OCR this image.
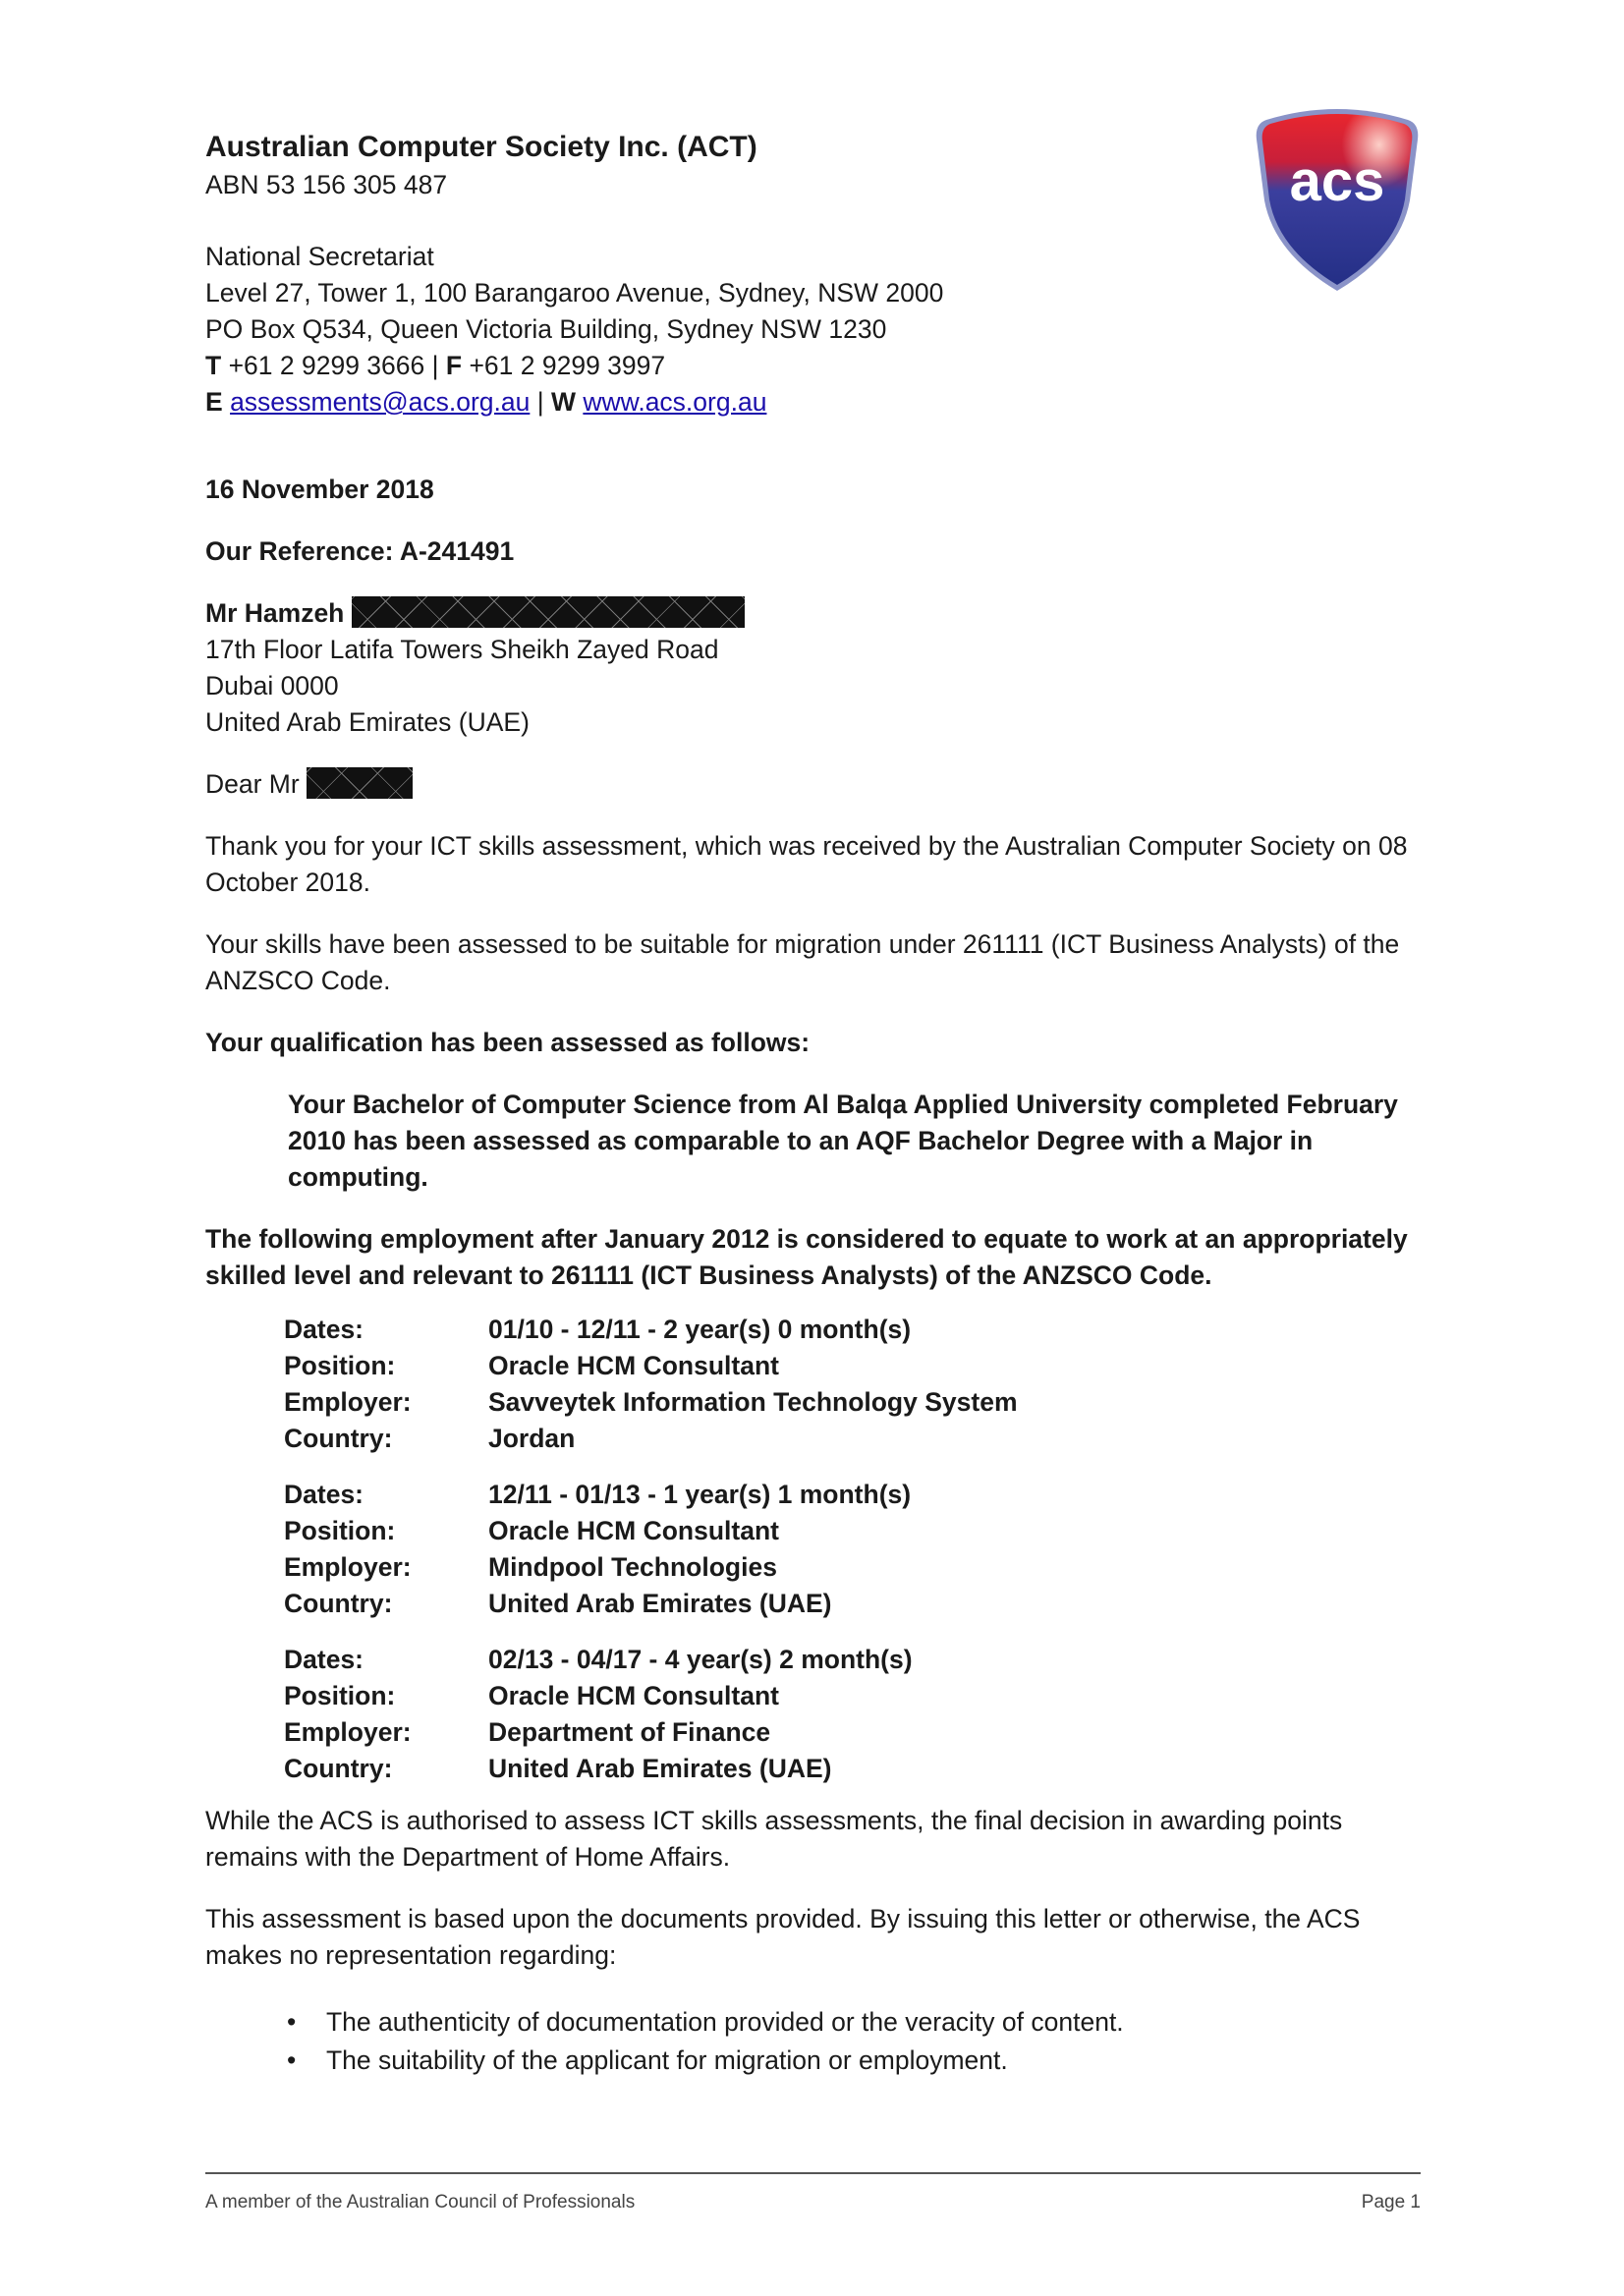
acs
Australian Computer Society Inc. (ACT)
ABN 53 156 305 487
National Secretariat
Level 27, Tower 1, 100 Barangaroo Avenue, Sydney, NSW 2000
PO Box Q534, Queen Victoria Building, Sydney NSW 1230
T +61 2 9299 3666 | F +61 2 9299 3997
E assessments@acs.org.au | W www.acs.org.au
16 November 2018
Our Reference: A-241491
Mr Hamzeh
17th Floor Latifa Towers Sheikh Zayed Road
Dubai 0000
United Arab Emirates (UAE)
Dear Mr

Thank you for your ICT skills assessment, which was received by the Australian Computer Society on 08 October 2018.

Your skills have been assessed to be suitable for migration under 261111 (ICT Business Analysts) of the ANZSCO Code.

Your qualification has been assessed as follows:
Your Bachelor of Computer Science from Al Balqa Applied University completed February 2010 has been assessed as comparable to an AQF Bachelor Degree with a Major in computing.
The following employment after January 2012 is considered to equate to work at an appropriately skilled level and relevant to 261111 (ICT Business Analysts) of the ANZSCO Code.
Dates:	01/10 - 12/11 - 2 year(s) 0 month(s)
Position:	Oracle HCM Consultant
Employer:	Savveytek Information Technology System
Country:	Jordan
Dates:	12/11 - 01/13 - 1 year(s) 1 month(s)
Position:	Oracle HCM Consultant
Employer:	Mindpool Technologies
Country:	United Arab Emirates (UAE)
Dates:	02/13 - 04/17 - 4 year(s) 2 month(s)
Position:	Oracle HCM Consultant
Employer:	Department of Finance
Country:	United Arab Emirates (UAE)

While the ACS is authorised to assess ICT skills assessments, the final decision in awarding points remains with the Department of Home Affairs.

This assessment is based upon the documents provided. By issuing this letter or otherwise, the ACS makes no representation regarding:

• The authenticity of documentation provided or the veracity of content.
• The suitability of the applicant for migration or employment.
A member of the Australian Council of Professionals	Page 1
